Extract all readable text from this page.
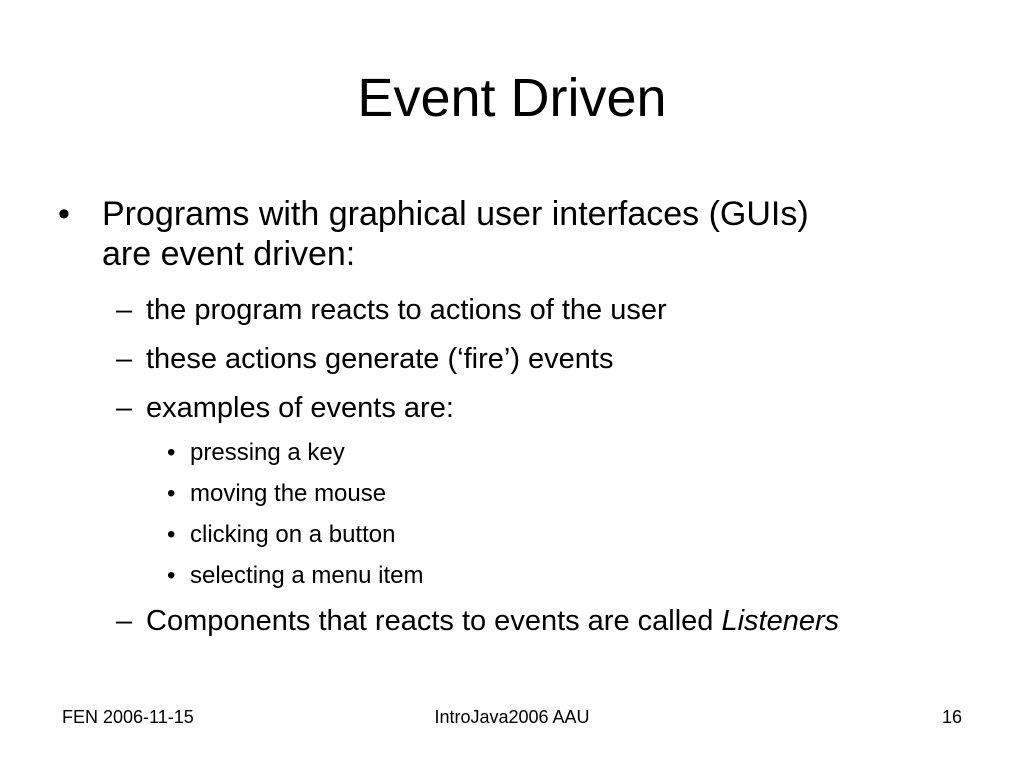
Event Driven
• Programs with graphical user interfaces (GUIs)
are event driven:
– the program reacts to actions of the user
– these actions generate (‘fire’) events
– examples of events are:
• pressing a key
• moving the mouse
• clicking on a button
• selecting a menu item
– Components that reacts to events are called Listeners
FEN 2006-11-15	IntroJava2006 AAU	16
